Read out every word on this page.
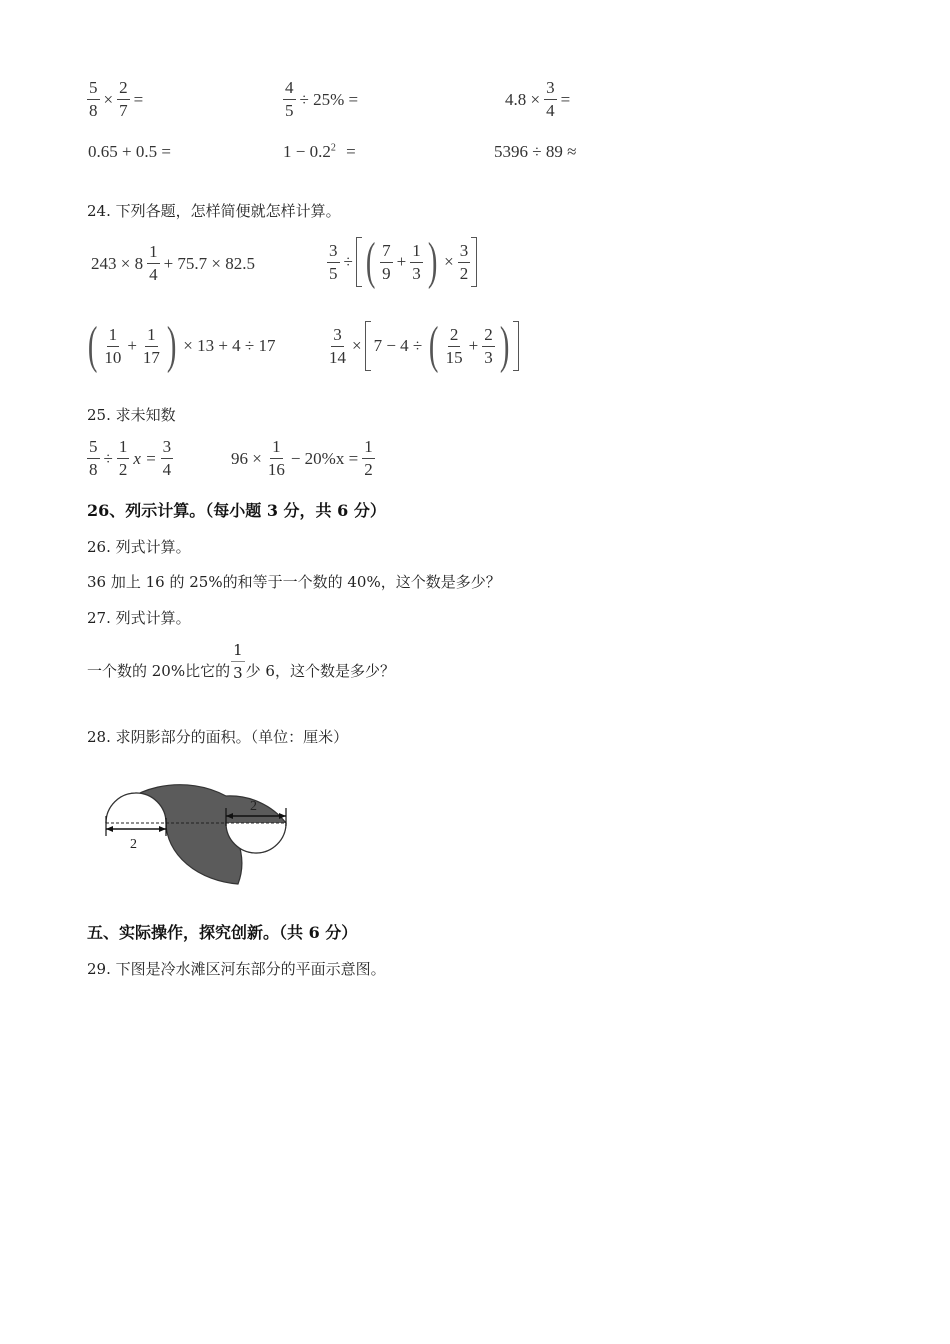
$\frac{5}{8} \times \frac{2}{7}$ =	$\frac{4}{5} \div 25\%$ =	$4.8 \times \frac{3}{4}$ =
0.65 + 0.5 =	$1 - 0.2^2$ =	5396 ÷ 89 ≈
24. 下列各题，怎样简便就怎样计算。
$243 \times 8 \frac{1}{4} + 75.7 \times 82.5$	$\frac{3}{5}$ ÷ ( $\frac{7}{9} + \frac{1}{3}$ ) × $\frac{3}{2}$
( $\frac{1}{10} + \frac{1}{17}$ ) × 13 + 4 ÷ 17	$\frac{3}{14} \times 7 - 4$ ÷ ( $\frac{2}{15} + \frac{2}{3}$ )
25. 求未知数
$\frac{5}{8} \div \frac{1}{2}$ $x = \frac{3}{4}$	$96 \times \frac{1}{16} - 20\%x = \frac{1}{2}$
26、列示计算。（每小题 3 分，共 6 分）
26. 列式计算。
36 加上 16 的 25%的和等于一个数的 40%，这个数是多少？
27. 列式计算。
一个数的 20%比它的 $\frac{1}{3}$ 少 6，这个数是多少？
28. 求阴影部分的面积。（单位：厘米）
2
2
五、实际操作，探究创新。（共 6 分）
29. 下图是冷水滩区河东部分的平面示意图。
